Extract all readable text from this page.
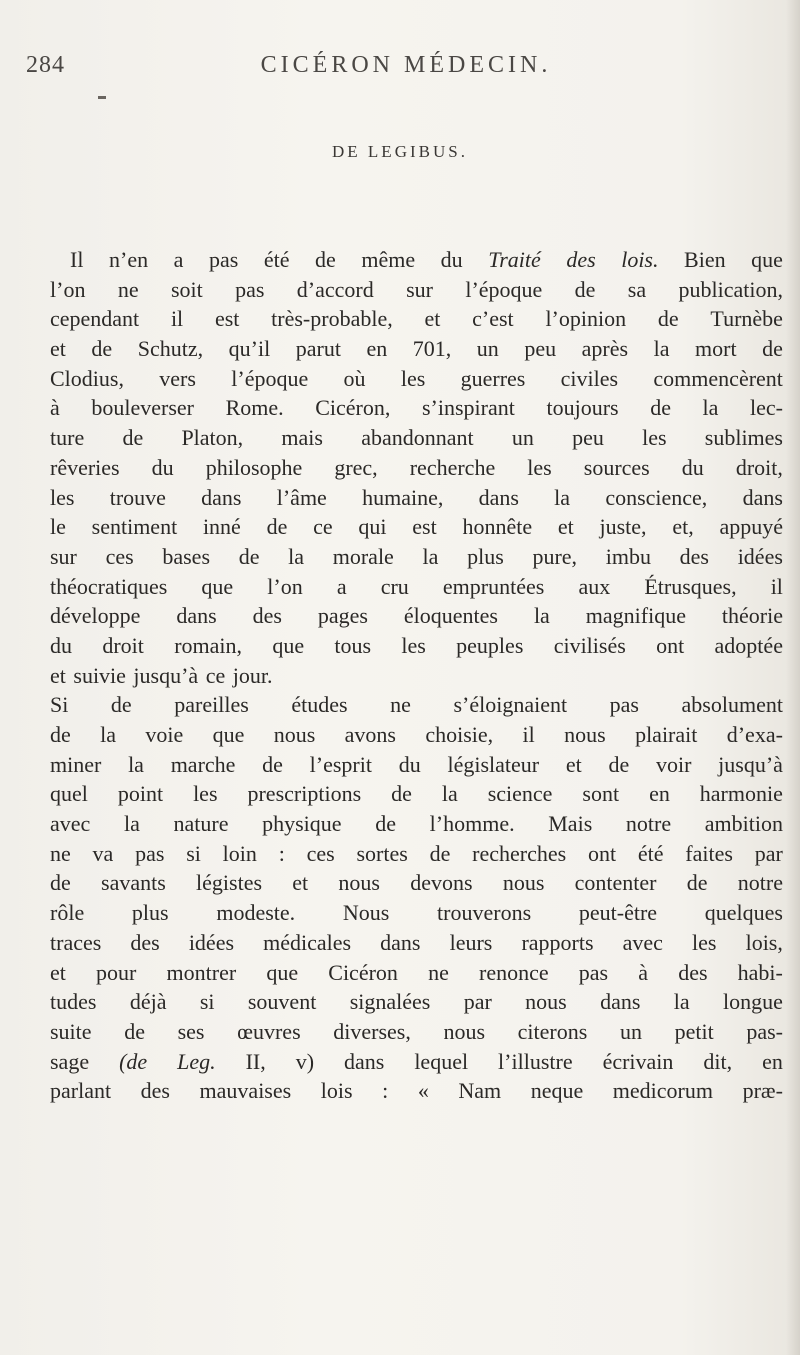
284	CICÉRON MÉDECIN.
DE LEGIBUS.
Il n’en a pas été de même du Traité des lois. Bien que
l’on ne soit pas d’accord sur l’époque de sa publication,
cependant il est très-probable, et c’est l’opinion de Turnèbe
et de Schutz, qu’il parut en 701, un peu après la mort de
Clodius, vers l’époque où les guerres civiles commencèrent
à bouleverser Rome. Cicéron, s’inspirant toujours de la lec-
ture de Platon, mais abandonnant un peu les sublimes
rêveries du philosophe grec, recherche les sources du droit,
les trouve dans l’âme humaine, dans la conscience, dans
le sentiment inné de ce qui est honnête et juste, et, appuyé
sur ces bases de la morale la plus pure, imbu des idées
théocratiques que l’on a cru empruntées aux Étrusques, il
développe dans des pages éloquentes la magnifique théorie
du droit romain, que tous les peuples civilisés ont adoptée
et suivie jusqu’à ce jour.
Si de pareilles études ne s’éloignaient pas absolument
de la voie que nous avons choisie, il nous plairait d’exa-
miner la marche de l’esprit du législateur et de voir jusqu’à
quel point les prescriptions de la science sont en harmonie
avec la nature physique de l’homme. Mais notre ambition
ne va pas si loin : ces sortes de recherches ont été faites par
de savants légistes et nous devons nous contenter de notre
rôle plus modeste. Nous trouverons peut-être quelques
traces des idées médicales dans leurs rapports avec les lois,
et pour montrer que Cicéron ne renonce pas à des habi-
tudes déjà si souvent signalées par nous dans la longue
suite de ses œuvres diverses, nous citerons un petit pas-
sage (de Leg. II, v) dans lequel l’illustre écrivain dit, en
parlant des mauvaises lois : « Nam neque medicorum præ-
